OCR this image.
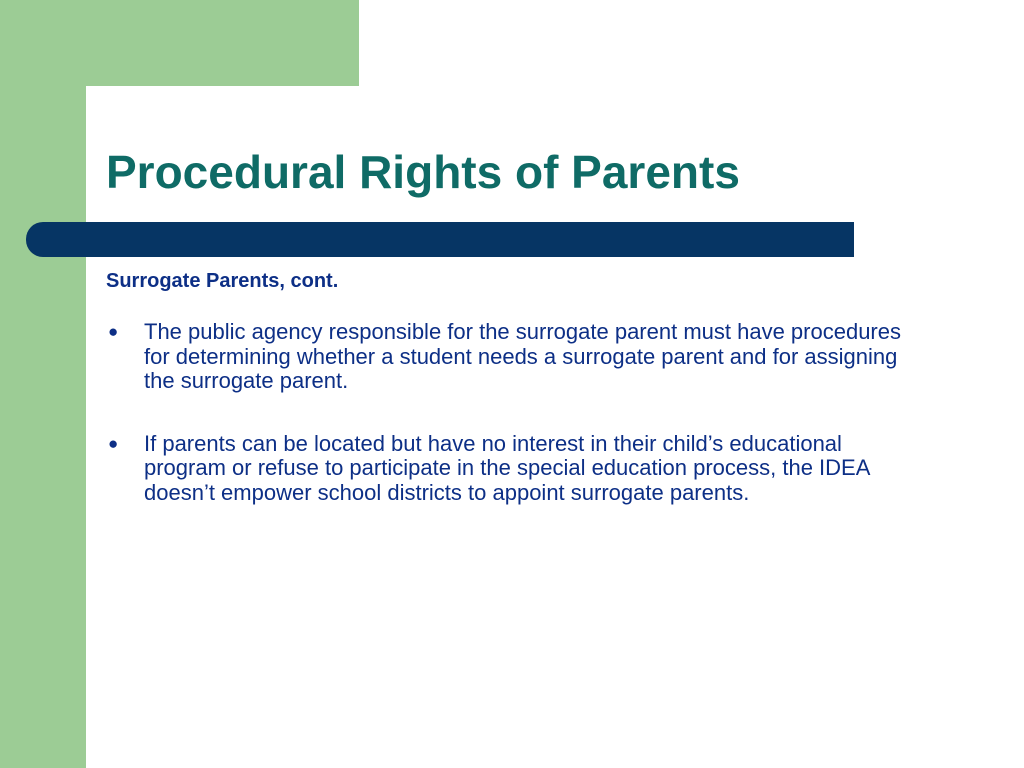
Procedural Rights of Parents

Surrogate Parents, cont.

●	The public agency responsible for the surrogate parent must have procedures for determining whether a student needs a surrogate parent and for assigning the surrogate parent.
●	If parents can be located but have no interest in their child’s educational program or refuse to participate in the special education process, the IDEA doesn’t empower school districts to appoint surrogate parents.
